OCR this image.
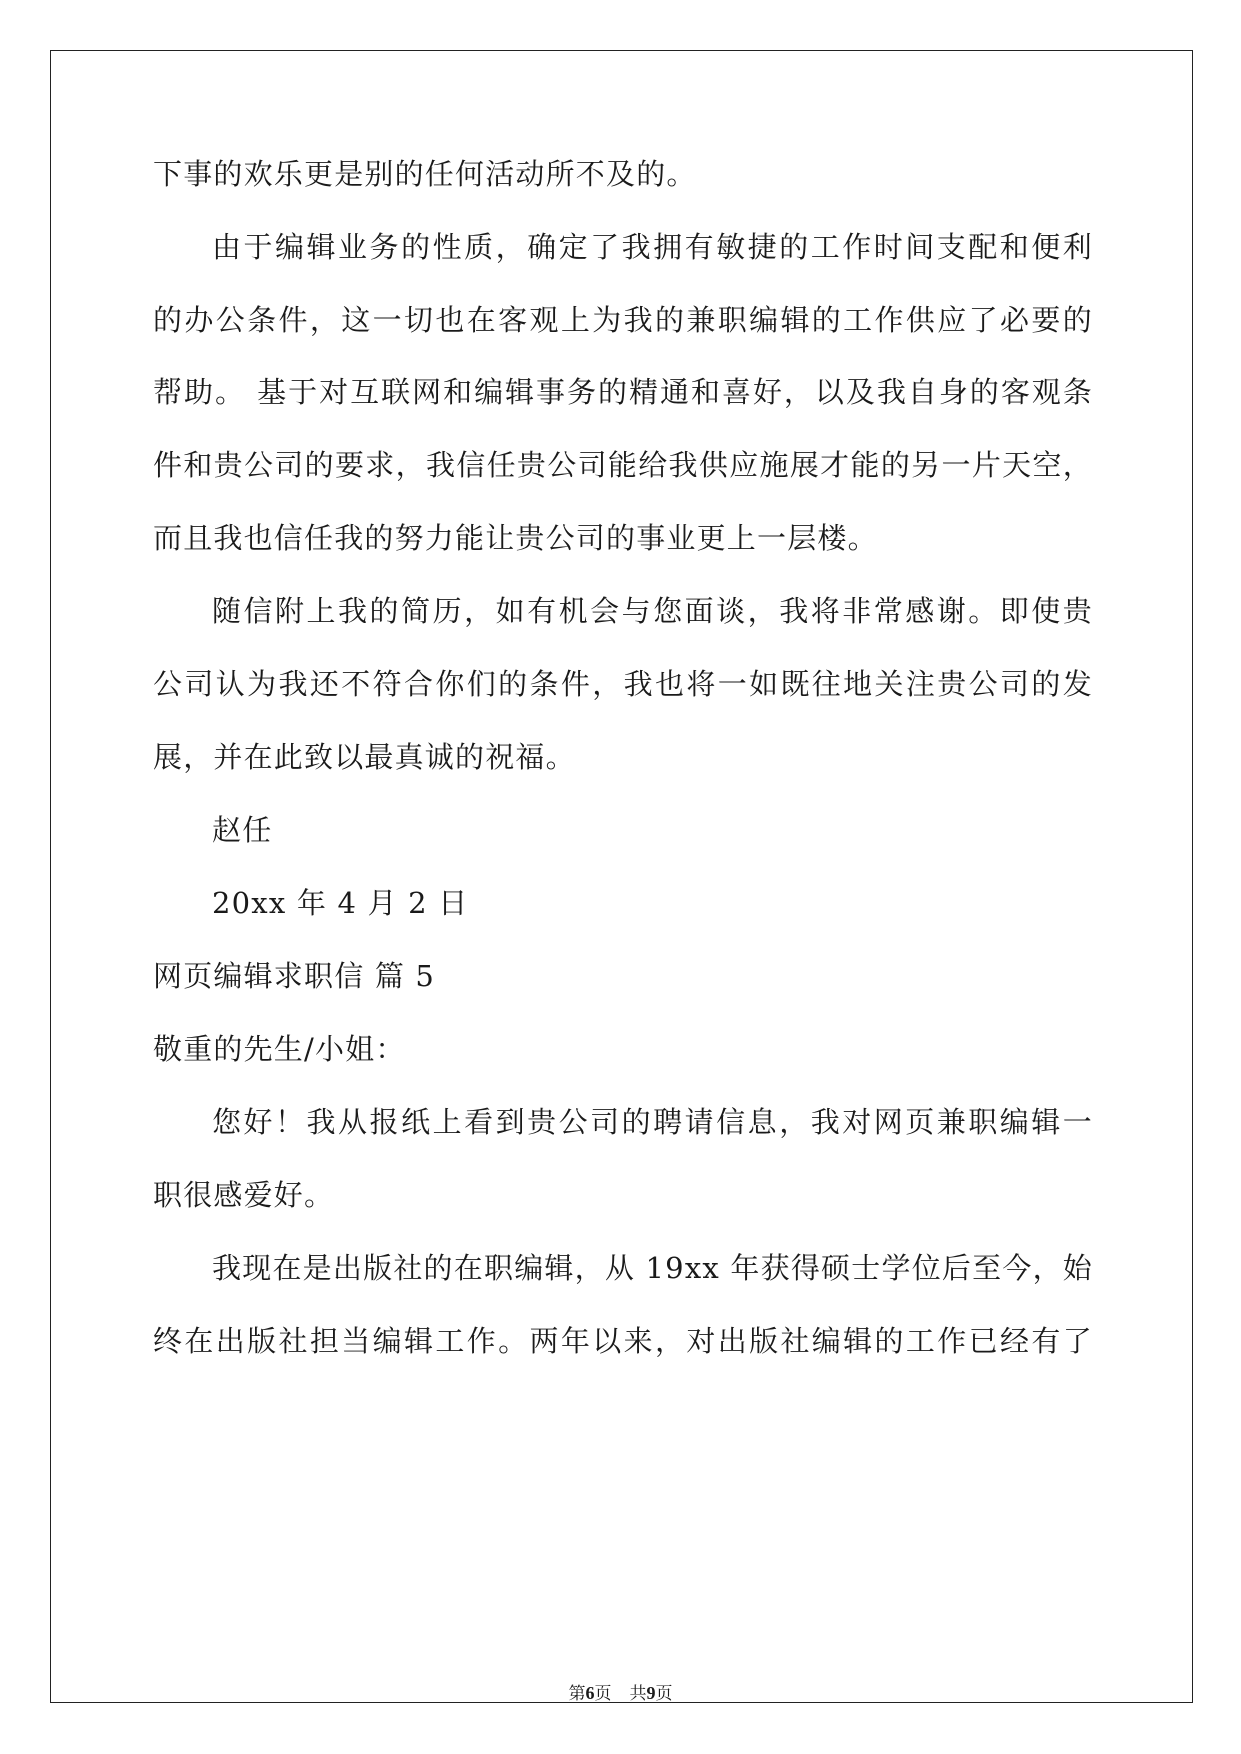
下事的欢乐更是别的任何活动所不及的。
由于编辑业务的性质，确定了我拥有敏捷的工作时间支配和便利
的办公条件，这一切也在客观上为我的兼职编辑的工作供应了必要的
帮助。 基于对互联网和编辑事务的精通和喜好，以及我自身的客观条
件和贵公司的要求，我信任贵公司能给我供应施展才能的另一片天空，
而且我也信任我的努力能让贵公司的事业更上一层楼。
随信附上我的简历，如有机会与您面谈，我将非常感谢。即使贵
公司认为我还不符合你们的条件，我也将一如既往地关注贵公司的发
展，并在此致以最真诚的祝福。
赵任
20xx 年 4 月 2 日
网页编辑求职信 篇 5
敬重的先生/小姐：
您好！我从报纸上看到贵公司的聘请信息，我对网页兼职编辑一
职很感爱好。
我现在是出版社的在职编辑，从 19xx 年获得硕士学位后至今，始
终在出版社担当编辑工作。两年以来，对出版社编辑的工作已经有了
第6页 共9页
